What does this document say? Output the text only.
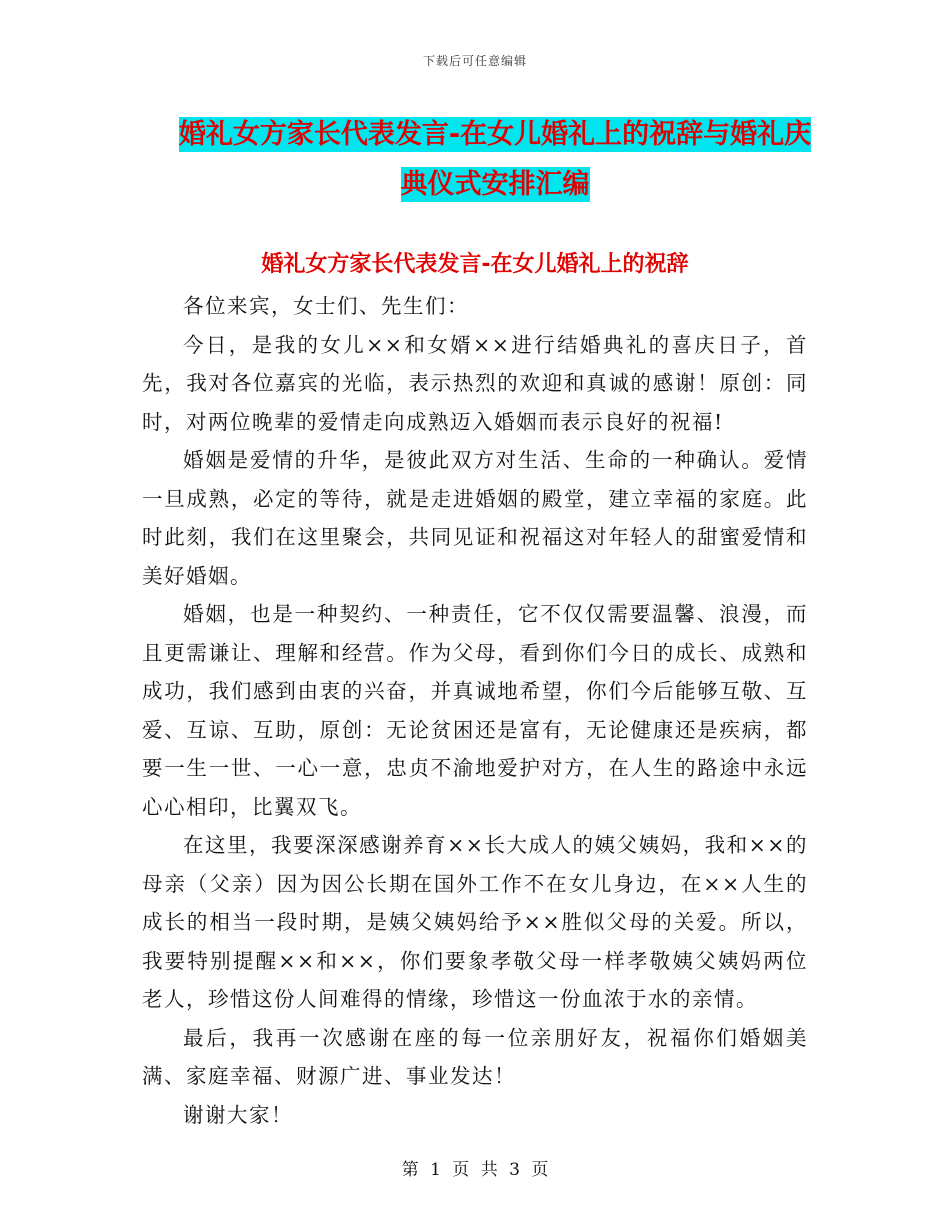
下载后可任意编辑
婚礼女方家长代表发言-在女儿婚礼上的祝辞与婚礼庆
典仪式安排汇编
婚礼女方家长代表发言-在女儿婚礼上的祝辞

各位来宾，女士们、先生们：

今日，是我的女儿××和女婿××进行结婚典礼的喜庆日子，首先，我对各位嘉宾的光临，表示热烈的欢迎和真诚的感谢！原创：同时，对两位晚辈的爱情走向成熟迈入婚姻而表示良好的祝福!

婚姻是爱情的升华，是彼此双方对生活、生命的一种确认。爱情一旦成熟，必定的等待，就是走进婚姻的殿堂，建立幸福的家庭。此时此刻，我们在这里聚会，共同见证和祝福这对年轻人的甜蜜爱情和美好婚姻。

婚姻，也是一种契约、一种责任，它不仅仅需要温馨、浪漫，而且更需谦让、理解和经营。作为父母，看到你们今日的成长、成熟和成功，我们感到由衷的兴奋，并真诚地希望，你们今后能够互敬、互爱、互谅、互助，原创：无论贫困还是富有，无论健康还是疾病，都要一生一世、一心一意，忠贞不渝地爱护对方，在人生的路途中永远心心相印，比翼双飞。

在这里，我要深深感谢养育××长大成人的姨父姨妈，我和××的母亲（父亲）因为因公长期在国外工作不在女儿身边，在××人生的成长的相当一段时期，是姨父姨妈给予××胜似父母的关爱。所以，我要特别提醒××和××，你们要象孝敬父母一样孝敬姨父姨妈两位老人，珍惜这份人间难得的情缘，珍惜这一份血浓于水的亲情。

最后，我再一次感谢在座的每一位亲朋好友，祝福你们婚姻美满、家庭幸福、财源广进、事业发达！

谢谢大家！

第 1 页 共 3 页
